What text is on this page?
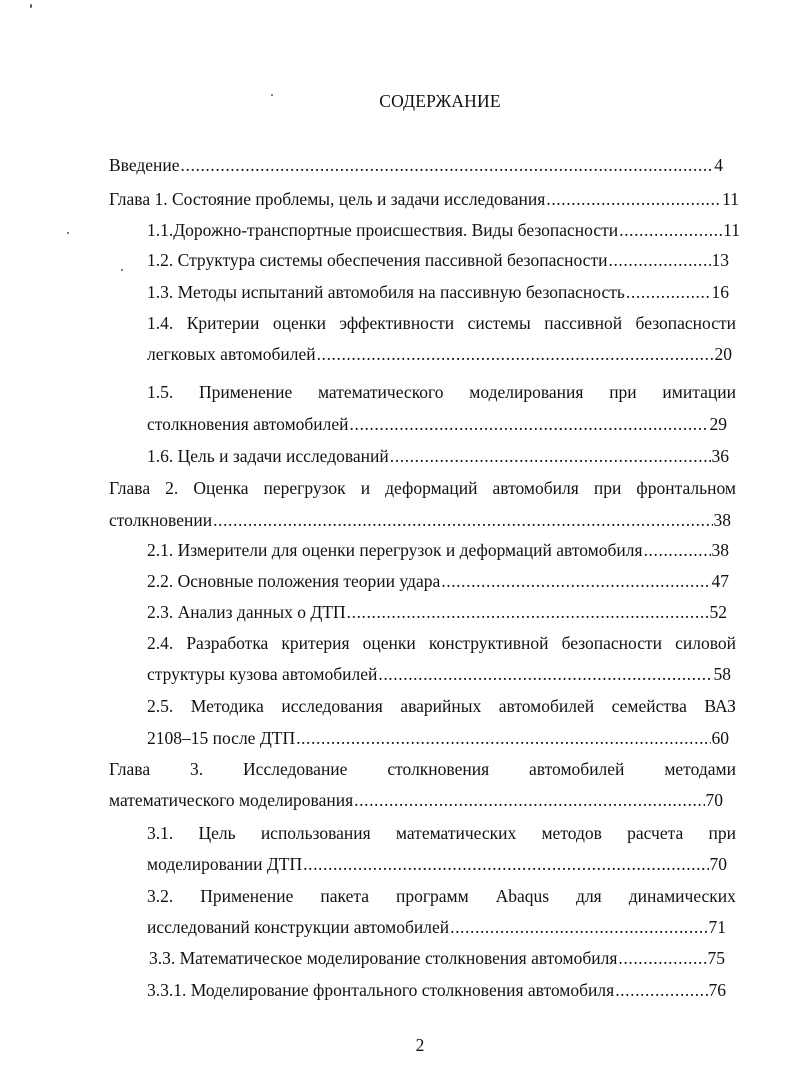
СОДЕРЖАНИЕ
Введение .....	4
Глава 1. Состояние проблемы, цель и задачи исследования .....	11
1.1.Дорожно-транспортные происшествия. Виды безопасности .....	11
1.2. Структура системы обеспечения пассивной безопасности .....	13
1.3. Методы испытаний автомобиля на пассивную безопасность .....	16
1.4. Критерии оценки эффективности системы пассивной безопасности
легковых автомобилей .....	20
1.5. Применение математического моделирования при имитации
столкновения автомобилей .....	29
1.6. Цель и задачи исследований .....	36
Глава 2. Оценка перегрузок и деформаций автомобиля при фронтальном
столкновении .....	38
2.1. Измерители для оценки перегрузок и деформаций автомобиля .....	38
2.2. Основные положения теории удара .....	47
2.3. Анализ данных о ДТП .....	52
2.4. Разработка критерия оценки конструктивной безопасности силовой
структуры кузова автомобилей .....	58
2.5. Методика исследования аварийных автомобилей семейства ВАЗ
2108–15 после ДТП .....	60
Глава 3. Исследование столкновения автомобилей методами
математического моделирования .....	70
3.1. Цель использования математических методов расчета при
моделировании ДТП .....	70
3.2. Применение пакета программ Abaqus для динамических
исследований конструкции автомобилей .....	71
3.3. Математическое моделирование столкновения автомобиля .....	75
3.3.1. Моделирование фронтального столкновения автомобиля .....	76
2
